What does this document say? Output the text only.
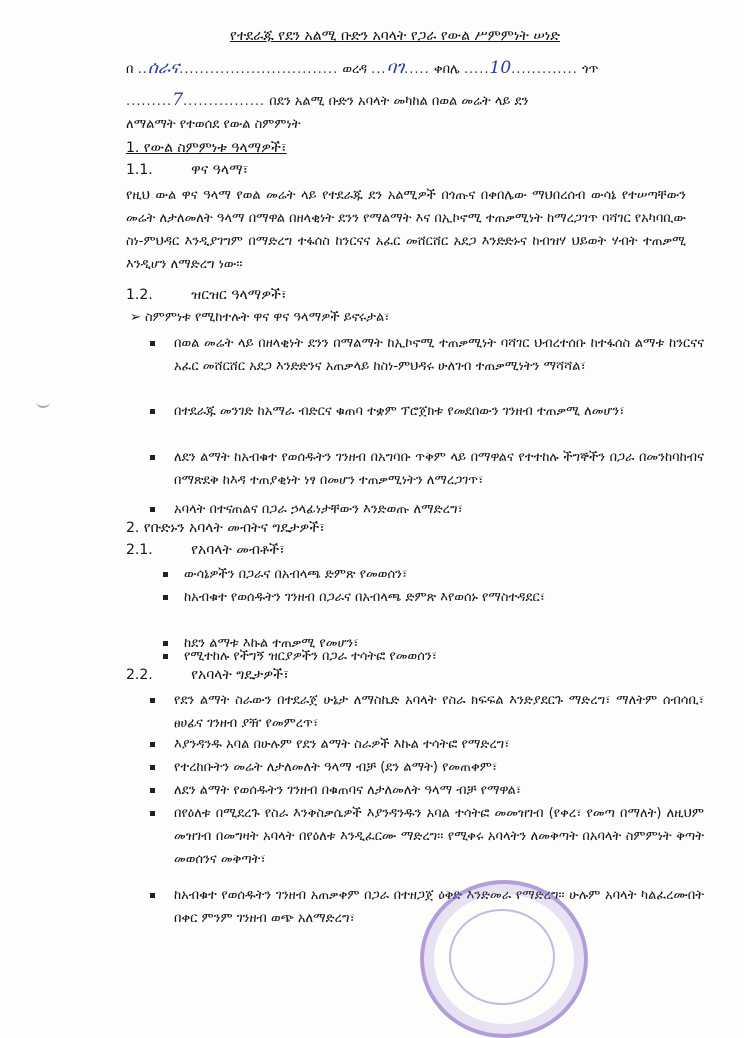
የተደራጁ የደን አልሚ ቡድን አባላት የጋራ የውል ሥምምነት ሠነድ
በ ..ሰራና............................... ወረዳ ...ባገ..... ቀበሌ .....10............. ጎጥ
.........7................ በደን አልሚ ቡድን አባላት መካከል በወል መሬት ላይ ደን
ለማልማት የተወሰደ የውል ስምምነት
1. የውል ስምምነቱ ዓላማዎች፣
1.1.	ዋና ዓላማ፣
የዚህ ውል ዋና ዓላማ የወል መሬት ላይ የተደራጁ ደን አልሚዎች በጎጡና በቀበሌው ማህበረሰብ ውሳኔ የተሠጣቸውን መሬት ለታለመለት ዓላማ በማዋል በዘላቂነት ደንን የማልማት እና በኢኮኖሚ ተጠቃሚነት ከማረጋገጥ ባሻገር የአካባቢው ስነ-ምህዳር እንዲያገግም በማድረግ ተፋሰስ ከንርናና አፈር መሸርሸር አደጋ እንድድኑና ከብዝሃ ህይወት ሃብት ተጠቃሚ እንዲሆን ለማድረግ ነው።
1.2.	ዝርዝር ዓላማዎች፣
➢ ስምምነቱ የሚከተሉት ዋና ዋና ዓላማዎች ይኖሩታል፣
በወል መሬት ላይ በዘላቂነት ደንን በማልማት ከኢኮኖሚ ተጠቃሚነት ባሻገር ህብረተሰቡ ከተፋሰስ ልማቱ ከንርናና አፈር መሸርሸር አደጋ እንድድንና አጠቃላይ ከስነ-ምህዳሩ ሁለገብ ተጠቃሚነትን ማሻሻል፣
በተደራጁ መንገድ ከአማራ ብድርና ቁጠባ ተቋም ፕሮጀክቱ የመደበውን ገንዘብ ተጠቃሚ ለመሆን፣
ለደን ልማት ከአብቁተ የወሰዱትን ገንዘብ በአግባቡ ጥቅም ላይ በማዋልና የተተከሉ ችግኞችን በጋራ በመንከባከብና በማጽደቅ ከእዳ ተጠያቂነት ነፃ በመሆን ተጠቃሚነትን ለማረጋገጥ፣
አባላት በተናጠልና በጋራ ኃላፊነታቸውን እንድወጡ ለማድረግ፣
2. የቡድኑን አባላት መብትና ግዴታዎች፣
2.1.	የአባላት መብቶች፣
ውሳኔዎችን በጋራና በአብላጫ ድምጽ የመወሰን፣
ከአብቁተ የወሰዱትን ገንዘብ በጋራና በአብላጫ ድምጽ እየወሰኑ የማስተዳደር፣
ከደን ልማቱ እኩል ተጠቃሚ የመሆን፣
የሚተከሉ የችግኝ ዝርያዎችን በጋራ ተሳትፎ የመወሰን፣
2.2.	የአባላት ግዴታዎች፣
የደን ልማት ስራውን በተደራጀ ሁኔታ ለማስኬድ አባላት የስራ ክፍፍል እንድያደርጉ ማድረግ፣ ማለትም ሰብሳቢ፣ ፀሀፊና ገንዘብ ያዥ የመምረጥ፣
እያንዳንዱ አባል በሁሉም የደን ልማት ስራዎች እኩል ተሳትፎ የማድረግ፣
የተረከቡትን መሬት ለታለመለት ዓላማ ብቻ (ደን ልማት) የመጠቀም፣
ለደን ልማት የወሰዱትን ገንዘብ በቁጠባና ለታለመለት ዓላማ ብቻ የማዋል፣
በየዕለቱ በሚደረጉ የስራ እንቅስቃሴዎች እያንዳንዱን አባል ተሳትፎ መመዝገብ (የቀረ፣ የመጣ በማለት) ለዚህም መዝገብ በመግዛት አባላት በየዕለቱ እንዲፈርሙ ማድረግ፡፡ የሚቀሩ አባላትን ለመቅጣት በአባላት ስምምነት ቅጣት መወሰንና መቅጣት፣
ከአብቁተ የወሰዱትን ገንዘብ አጠቃቀም በጋራ በተዘጋጀ ዕቅድ እንድመራ የማድረግ፡፡ ሁሉም አባላት ካልፈረሙበት በቀር ምንም ገንዘብ ወጭ አለማድረግ፣
